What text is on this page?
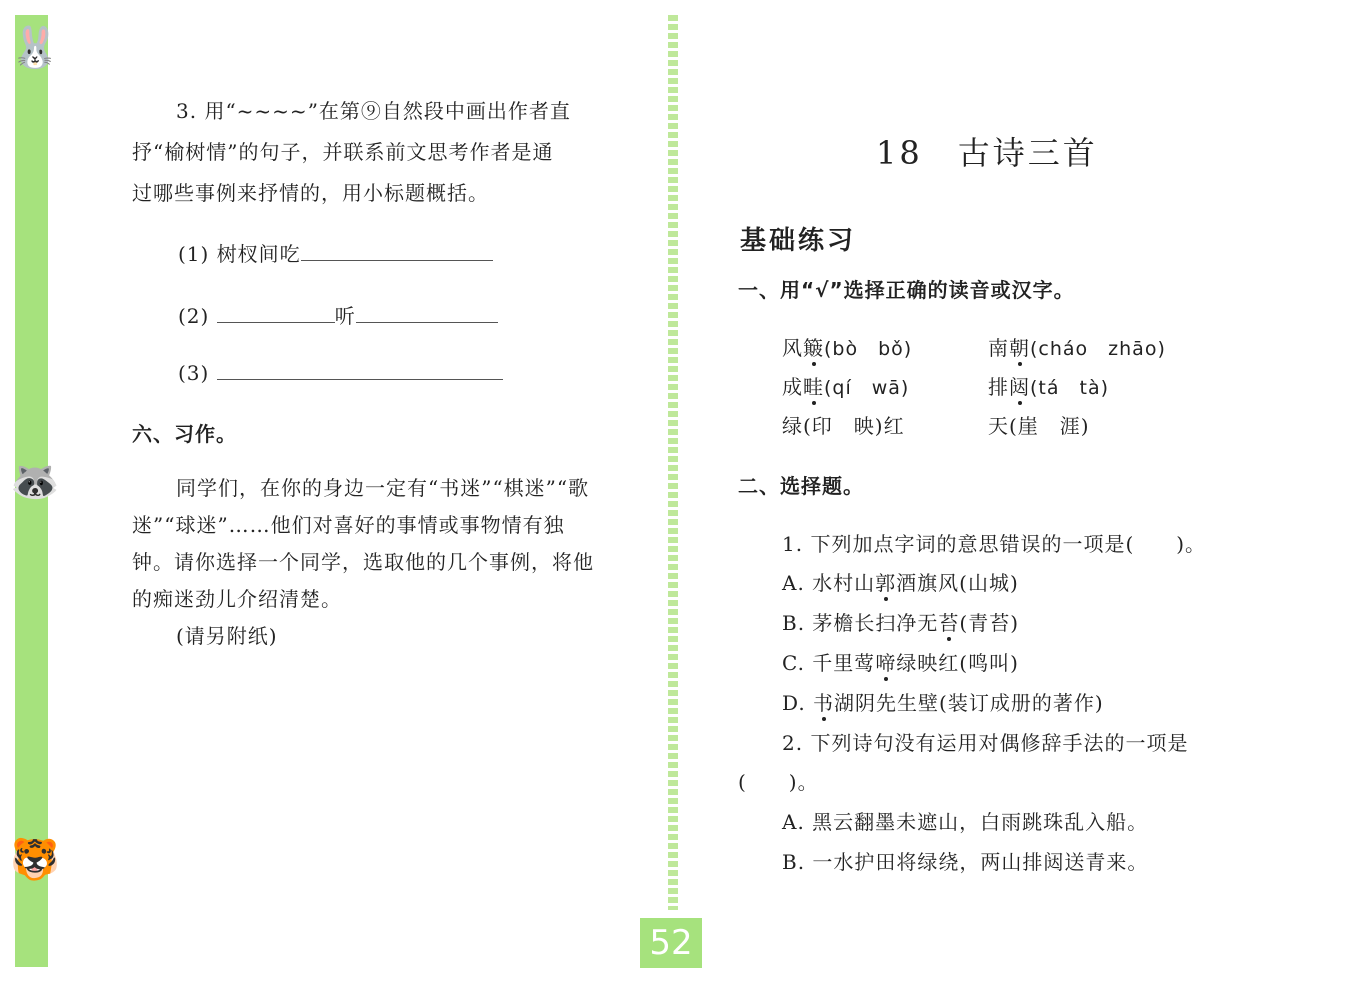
🐰
🦝
🐯
52
3. 用“~~~~”在第⑨自然段中画出作者直
抒“榆树情”的句子，并联系前文思考作者是通
过哪些事例来抒情的，用小标题概括。
(1) 树杈间吃
(2)	听
(3)
六、习作。
同学们，在你的身边一定有“书迷”“棋迷”“歌
迷”“球迷”……他们对喜好的事情或事物情有独
钟。请你选择一个同学，选取他的几个事例，将他
的痴迷劲儿介绍清楚。
(请另附纸)
18　古诗三首
基础练习
一、用“√”选择正确的读音或汉字。
风簸(bò　bǒ)	南朝(cháo　zhāo)
成畦(qí　wā)	排闼(tá　tà)
绿(印　映)红	天(崖　涯)
二、选择题。
1. 下列加点字词的意思错误的一项是(　　)。
A. 水村山郭酒旗风(山城)
B. 茅檐长扫净无苔(青苔)
C. 千里莺啼绿映红(鸣叫)
D. 书湖阴先生壁(装订成册的著作)
2. 下列诗句没有运用对偶修辞手法的一项是
(　　)。
A. 黑云翻墨未遮山，白雨跳珠乱入船。
B. 一水护田将绿绕，两山排闼送青来。
